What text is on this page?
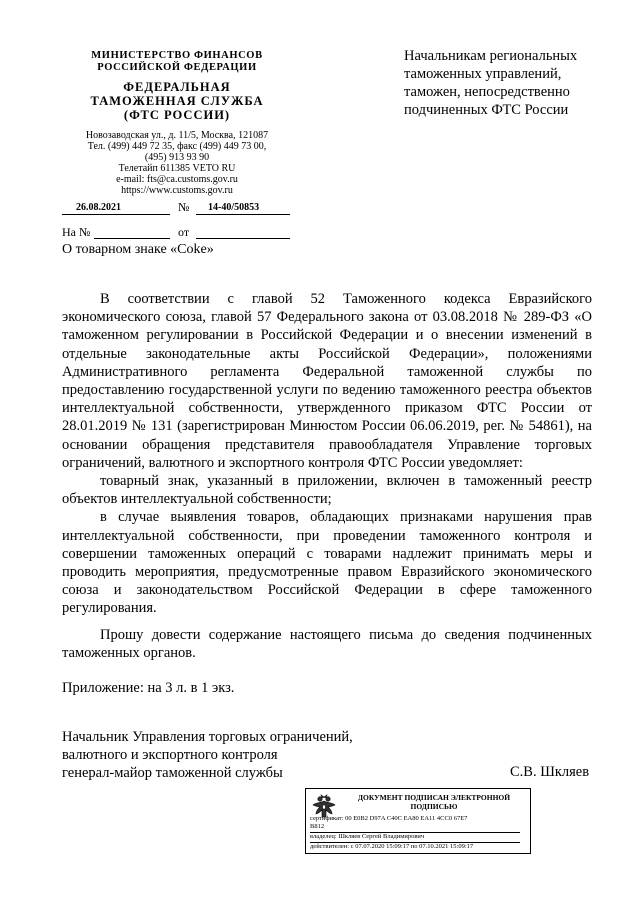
МИНИСТЕРСТВО ФИНАНСОВ
РОССИЙСКОЙ ФЕДЕРАЦИИ
ФЕДЕРАЛЬНАЯ
ТАМОЖЕННАЯ СЛУЖБА
(ФТС РОССИИ)
Новозаводская ул., д. 11/5, Москва, 121087
Тел. (499) 449 72 35, факс (499) 449 73 00,
(495) 913 93 90
Телетайп 611385 VETO RU
e-mail: fts@ca.customs.gov.ru
https://www.customs.gov.ru
26.08.2021	№ 14-40/50853
На №	от
О товарном знаке «Coke»
Начальникам региональных
таможенных управлений,
таможен, непосредственно
подчиненных ФТС России

В соответствии с главой 52 Таможенного кодекса Евразийского экономического союза, главой 57 Федерального закона от 03.08.2018 № 289-ФЗ «О таможенном регулировании в Российской Федерации и о внесении изменений в отдельные законодательные акты Российской Федерации», положениями Административного регламента Федеральной таможенной службы по предоставлению государственной услуги по ведению таможенного реестра объектов интеллектуальной собственности, утвержденного приказом ФТС России от 28.01.2019 № 131 (зарегистрирован Минюстом России 06.06.2019, рег. № 54861), на основании обращения представителя правообладателя Управление торговых ограничений, валютного и экспортного контроля ФТС России уведомляет:

товарный знак, указанный в приложении, включен в таможенный реестр объектов интеллектуальной собственности;

в случае выявления товаров, обладающих признаками нарушения прав интеллектуальной собственности, при проведении таможенного контроля и совершении таможенных операций с товарами надлежит принимать меры и проводить мероприятия, предусмотренные правом Евразийского экономического союза и законодательством Российской Федерации в сфере таможенного регулирования.

Прошу довести содержание настоящего письма до сведения подчиненных таможенных органов.

Приложение: на 3 л. в 1 экз.
Начальник Управления торговых ограничений,
валютного и экспортного контроля
генерал-майор таможенной службы	С.В. Шкляев
ДОКУМЕНТ ПОДПИСАН ЭЛЕКТРОННОЙ
ПОДПИСЬЮ
сертификат: 00 E0B2 D97A C40C EA80 EA11 4CC0 67E7
B812
владелец: Шкляев Сергей Владимирович
действителен: с 07.07.2020 15:09:17 по 07.10.2021 15:09:17
